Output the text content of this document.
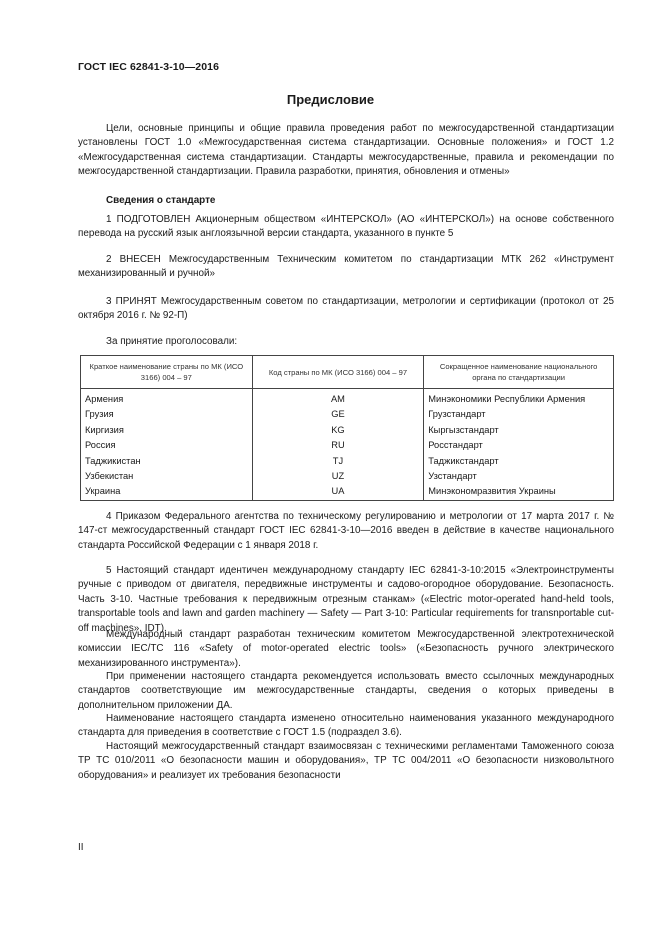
ГОСТ IEC 62841-3-10—2016
Предисловие

Цели, основные принципы и общие правила проведения работ по межгосударственной стандартизации установлены ГОСТ 1.0 «Межгосударственная система стандартизации. Основные положения» и ГОСТ 1.2 «Межгосударственная система стандартизации. Стандарты межгосударственные, правила и рекомендации по межгосударственной стандартизации. Правила разработки, принятия, обновления и отмены»

Сведения о стандарте

1 ПОДГОТОВЛЕН Акционерным обществом «ИНТЕРСКОЛ» (АО «ИНТЕРСКОЛ») на основе собственного перевода на русский язык англоязычной версии стандарта, указанного в пункте 5

2 ВНЕСЕН Межгосударственным Техническим комитетом по стандартизации МТК 262 «Инструмент механизированный и ручной»

3 ПРИНЯТ Межгосударственным советом по стандартизации, метрологии и сертификации (протокол от 25 октября 2016 г. № 92-П)

За принятие проголосовали:

Краткое наименование страны по МК (ИСО 3166) 004 – 97	Код страны по МК (ИСО 3166) 004 – 97	Сокращенное наименование национального органа по стандартизации
Армения	AM	Минэкономики Республики Армения
Грузия	GE	Грузстандарт
Киргизия	KG	Кыргызстандарт
Россия	RU	Росстандарт
Таджикистан	TJ	Таджикстандарт
Узбекистан	UZ	Узстандарт
Украина	UA	Минэкономразвития Украины

4 Приказом Федерального агентства по техническому регулированию и метрологии от 17 марта 2017 г. № 147-ст межгосударственный стандарт ГОСТ IEC 62841-3-10—2016 введен в действие в качестве национального стандарта Российской Федерации с 1 января 2018 г.

5 Настоящий стандарт идентичен международному стандарту IEC 62841-3-10:2015 «Электроинструменты ручные с приводом от двигателя, передвижные инструменты и садово-огородное оборудование. Безопасность. Часть 3-10. Частные требования к передвижным отрезным станкам» («Electric motor-operated hand-held tools, transportable tools and lawn and garden machinery — Safety — Part 3-10: Particular requirements for transnportable cut-off machines», IDT).

Международный стандарт разработан техническим комитетом Межгосударственной электротехнической комиссии IEC/TC 116 «Safety of motor-operated electric tools» («Безопасность ручного электрического механизированного инструмента»).

При применении настоящего стандарта рекомендуется использовать вместо ссылочных международных стандартов соответствующие им межгосударственные стандарты, сведения о которых приведены в дополнительном приложении ДА.

Наименование настоящего стандарта изменено относительно наименования указанного международного стандарта для приведения в соответствие с ГОСТ 1.5 (подраздел 3.6).

Настоящий межгосударственный стандарт взаимосвязан с техническими регламентами Таможенного союза ТР ТС 010/2011 «О безопасности машин и оборудования», ТР ТС 004/2011 «О безопасности низковольтного оборудования» и реализует их требования безопасности

II
